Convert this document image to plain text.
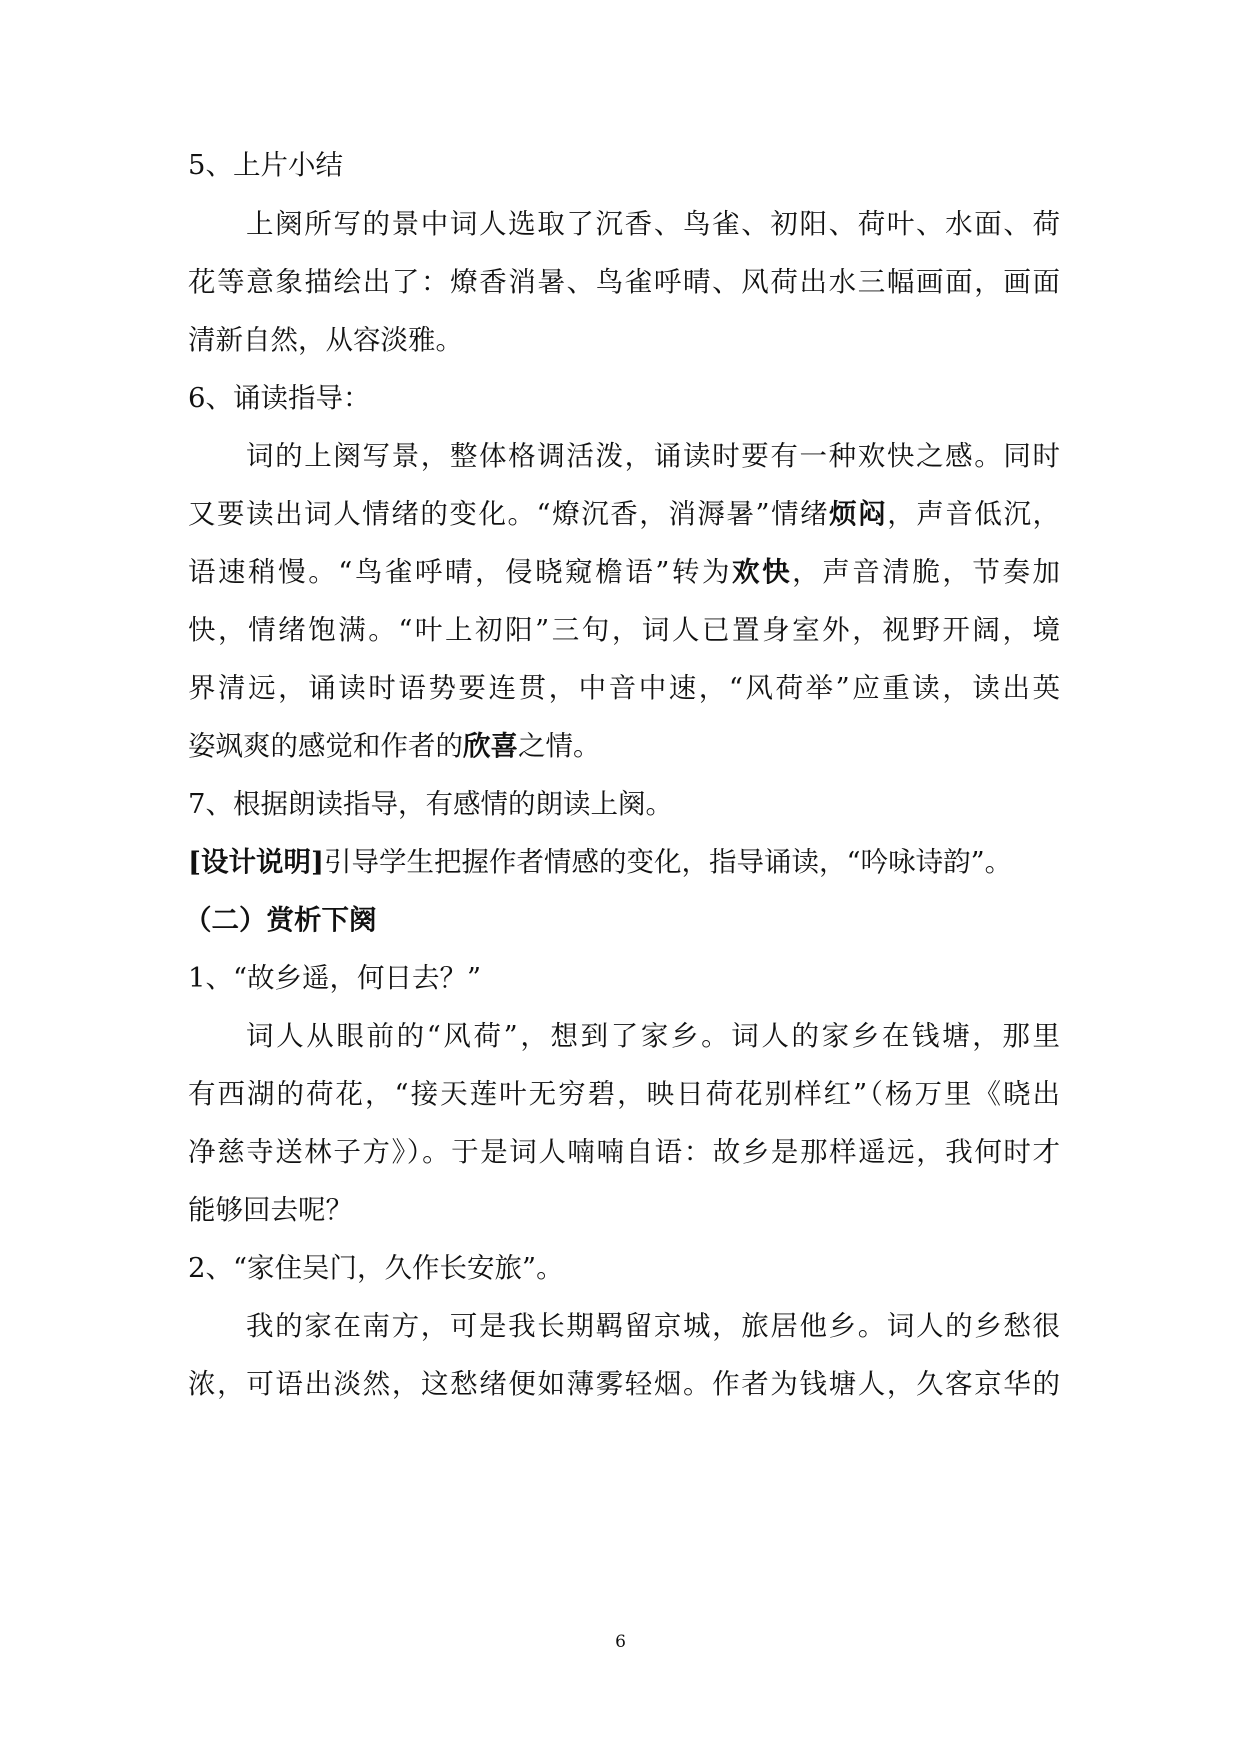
5、上片小结
上阕所写的景中词人选取了沉香、鸟雀、初阳、荷叶、水面、荷
花等意象描绘出了：燎香消暑、鸟雀呼晴、风荷出水三幅画面，画面
清新自然，从容淡雅。
6、诵读指导：
词的上阕写景，整体格调活泼，诵读时要有一种欢快之感。同时
又要读出词人情绪的变化。“燎沉香，消溽暑”情绪烦闷，声音低沉，
语速稍慢。“鸟雀呼晴，侵晓窥檐语”转为欢快，声音清脆，节奏加
快，情绪饱满。“叶上初阳”三句，词人已置身室外，视野开阔，境
界清远，诵读时语势要连贯，中音中速，“风荷举”应重读，读出英
姿飒爽的感觉和作者的欣喜之情。
7、根据朗读指导，有感情的朗读上阕。
[设计说明]引导学生把握作者情感的变化，指导诵读，“吟咏诗韵”。
（二）赏析下阕
1、“故乡遥，何日去？”
词人从眼前的“风荷”，想到了家乡。词人的家乡在钱塘，那里
有西湖的荷花，“接天莲叶无穷碧，映日荷花别样红”（杨万里《晓出
净慈寺送林子方》）。于是词人喃喃自语：故乡是那样遥远，我何时才
能够回去呢？
2、“家住吴门，久作长安旅”。
我的家在南方，可是我长期羁留京城，旅居他乡。词人的乡愁很
浓，可语出淡然，这愁绪便如薄雾轻烟。作者为钱塘人，久客京华的
6
